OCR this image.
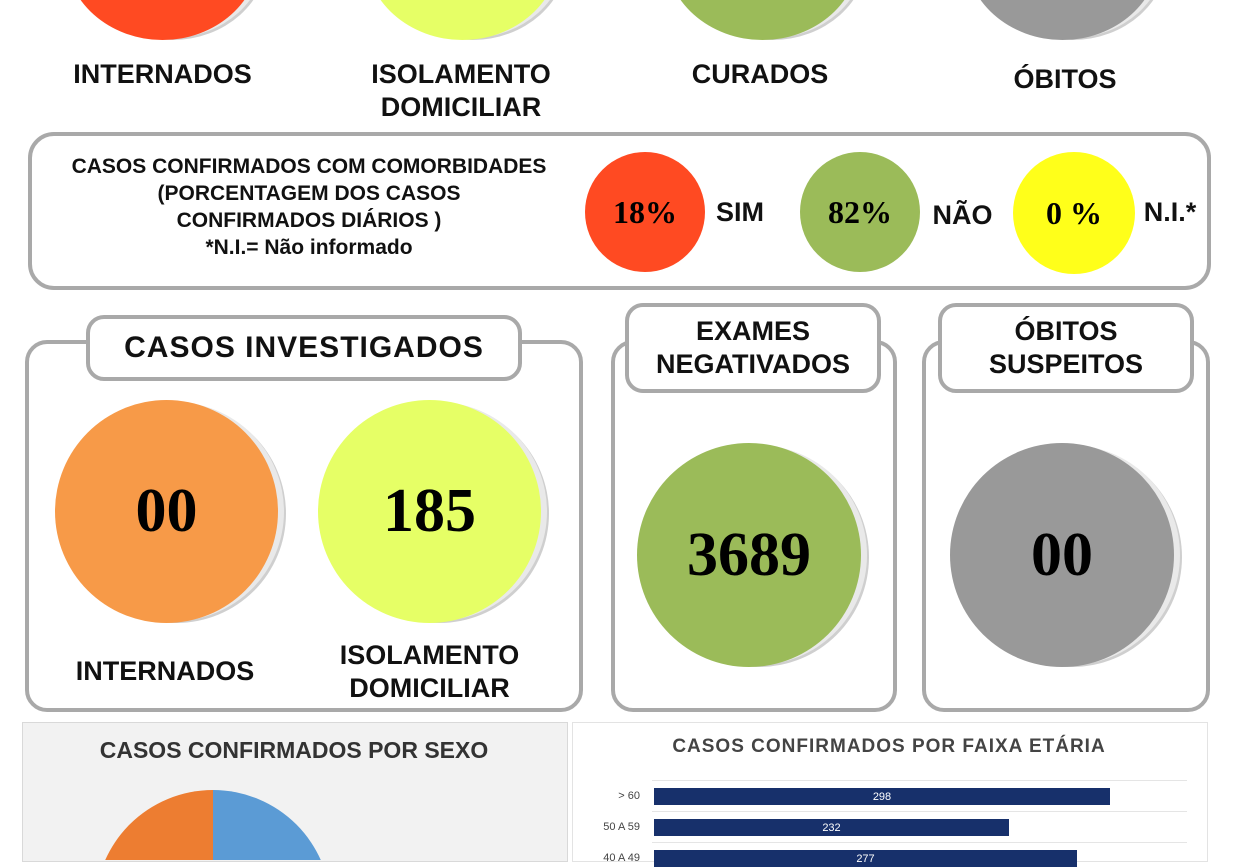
INTERNADOS	ISOLAMENTO DOMICILIAR
CURADOS	ÓBITOS
CASOS CONFIRMADOS COM COMORBIDADES
(PORCENTAGEM DOS CASOS
CONFIRMADOS DIÁRIOS )
*N.I.= Não informado
18%	SIM	82%	NÃO	0 %	N.I.*
CASOS INVESTIGADOS
00
INTERNADOS
185
ISOLAMENTO DOMICILIAR
EXAMES NEGATIVADOS
3689
ÓBITOS SUSPEITOS
00
CASOS CONFIRMADOS POR SEXO	CASOS CONFIRMADOS POR FAIXA ETÁRIA
> 60
50 A 59
40 A 49
298
232
277
